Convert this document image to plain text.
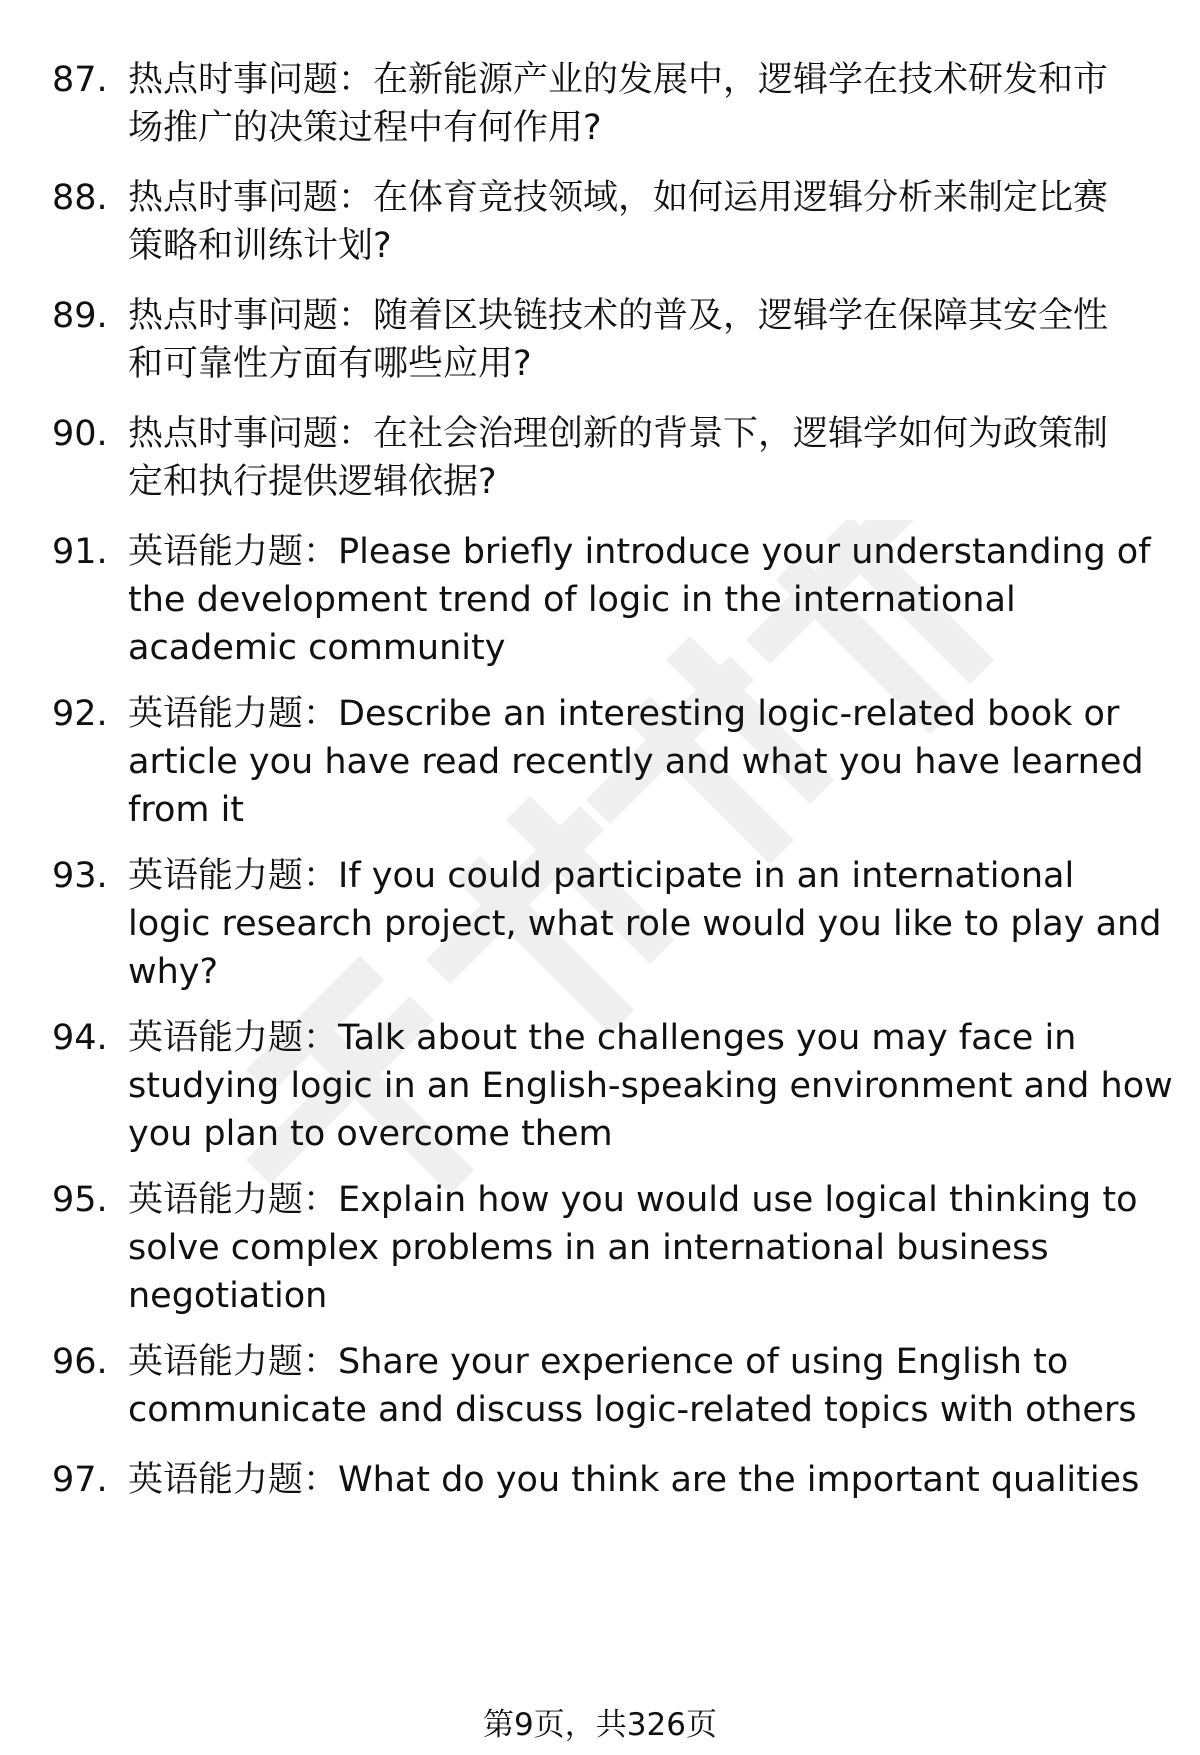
87. 热点时事问题：在新能源产业的发展中，逻辑学在技术研发和市
场推广的决策过程中有何作用?
88. 热点时事问题：在体育竞技领域，如何运用逻辑分析来制定比赛
策略和训练计划?
89. 热点时事问题：随着区块链技术的普及，逻辑学在保障其安全性
和可靠性方面有哪些应用?
90. 热点时事问题：在社会治理创新的背景下，逻辑学如何为政策制
定和执行提供逻辑依据?
91. 英语能力题：Please briefly introduce your understanding of
the development trend of logic in the international
academic community
92. 英语能力题：Describe an interesting logic-related book or
article you have read recently and what you have learned
from it
93. 英语能力题：If you could participate in an international
logic research project, what role would you like to play and
why?
94. 英语能力题：Talk about the challenges you may face in
studying logic in an English-speaking environment and how
you plan to overcome them
95. 英语能力题：Explain how you would use logical thinking to
solve complex problems in an international business
negotiation
96. 英语能力题：Share your experience of using English to
communicate and discuss logic-related topics with others
97. 英语能力题：What do you think are the important qualities
第9页，共326页
